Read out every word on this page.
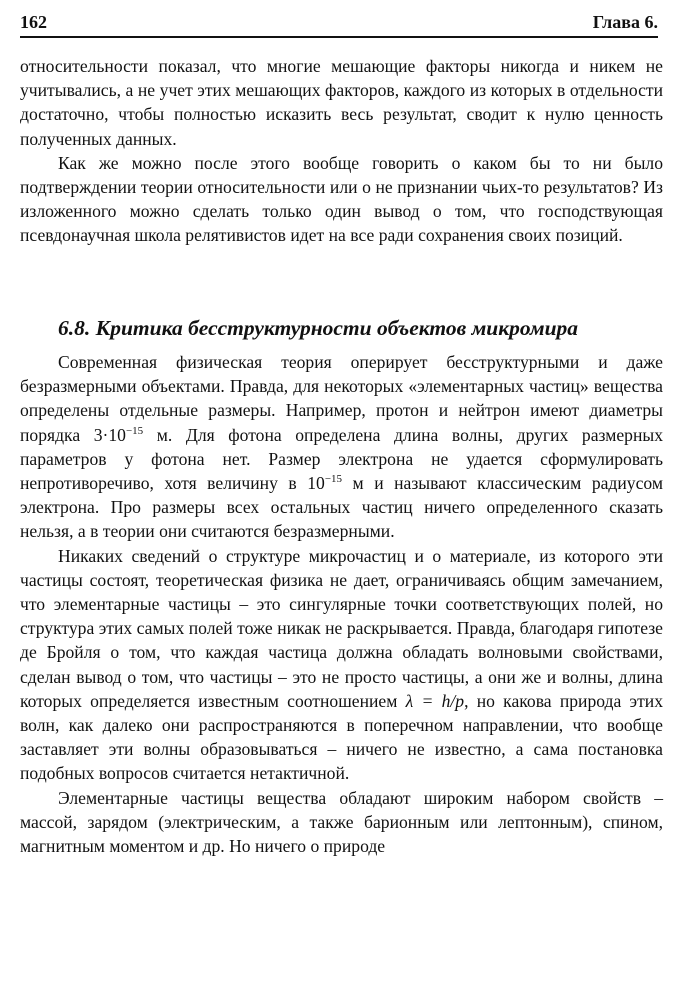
162	Глава 6.

относительности показал, что многие мешающие факторы никогда и никем не учитывались, а не учет этих мешающих факторов, каждого из которых в отдельности достаточно, чтобы полностью исказить весь результат, сводит к нулю ценность полученных данных.

Как же можно после этого вообще говорить о каком бы то ни было подтверждении теории относительности или о не признании чьих-то результатов? Из изложенного можно сделать только один вывод о том, что господствующая псевдонаучная школа релятивистов идет на все ради сохранения своих позиций.

6.8. Критика бесструктурности объектов микромира

Современная физическая теория оперирует бесструктурными и даже безразмерными объектами. Правда, для некоторых «элементарных частиц» вещества определены отдельные размеры. Например, протон и нейтрон имеют диаметры порядка $3\cdot 10^{-15}$ м. Для фотона определена длина волны, других размерных параметров у фотона нет. Размер электрона не удается сформулировать непротиворечиво, хотя величину в $10^{-15}$ м и называют классическим радиусом электрона. Про размеры всех остальных частиц ничего определенного сказать нельзя, а в теории они считаются безразмерными.

Никаких сведений о структуре микрочастиц и о материале, из которого эти частицы состоят, теоретическая физика не дает, ограничиваясь общим замечанием, что элементарные частицы – это сингулярные точки соответствующих полей, но структура этих самых полей тоже никак не раскрывается. Правда, благодаря гипотезе де Бройля о том, что каждая частица должна обладать волновыми свойствами, сделан вывод о том, что частицы – это не просто частицы, а они же и волны, длина которых определяется известным соотношением λ = h/p, но какова природа этих волн, как далеко они распространяются в поперечном направлении, что вообще заставляет эти волны образовываться – ничего не известно, а сама постановка подобных вопросов считается нетактичной.

Элементарные частицы вещества обладают широким набором свойств – массой, зарядом (электрическим, а также барионным или лептонным), спином, магнитным моментом и др. Но ничего о природе
